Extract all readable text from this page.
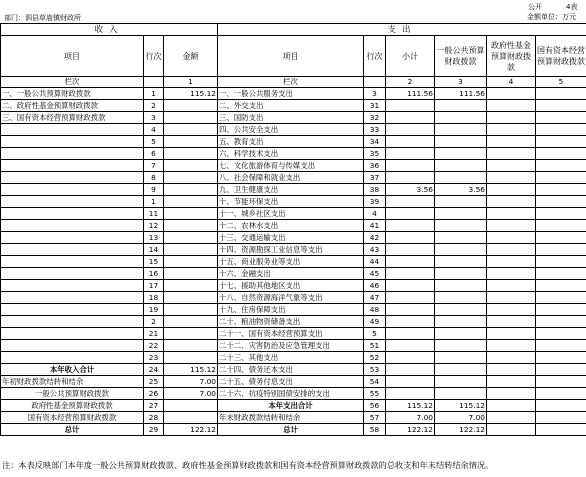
公开	4表
部门：泗县草庙镇财政所	金额单位：万元
收入			支出					
项目	行次	金额	项目	行次	小计	一般公共预算财政拨款	政府性基金预算财政拨款	国有资本经营预算财政拨款
栏次		1	栏次		2	3	4	5
一、一般公共预算财政拨款	1	115.12	一、一般公共服务支出	3	111.56	111.56		
二、政府性基金预算财政拨款	2		二、外交支出	31				
三、国有资本经营预算财政拨款	3		三、国防支出	32				
	4		四、公共安全支出	33				
	5		五、教育支出	34				
	6		六、科学技术支出	35				
	7		七、文化旅游体育与传媒支出	36				
	8		八、社会保障和就业支出	37				
	9		九、卫生健康支出	38	3.56	3.56		
	1		十、节能环保支出	39				
	11		十一、城乡社区支出	4				
	12		十二、农林水支出	41				
	13		十三、交通运输支出	42				
	14		十四、资源勘探工业信息等支出	43				
	15		十五、商业服务业等支出	44				
	16		十六、金融支出	45				
	17		十七、援助其他地区支出	46				
	18		十八、自然资源海洋气象等支出	47				
	19		十九、住房保障支出	48				
	2		二十、粮油物资储备支出	49				
	21		二十一、国有资本经营预算支出	5				
	22		二十二、灾害防治及应急管理支出	51				
	23		二十三、其他支出	52				
本年收入合计	24	115.12	二十四、债务还本支出	53				
年初财政拨款结转和结余	25	7.00	二十五、债务付息支出	54				
一般公共预算财政拨款	26	7.00	二十六、抗疫特别国债安排的支出	55				
政府性基金预算财政拨款	27		本年支出合计	56	115.12	115.12		
国有资本经营预算财政拨款	28		年末财政拨款结转和结余	57	7.00	7.00		
总计	29	122.12	总计	58	122.12	122.12		
注：本表反映部门本年度一般公共预算财政拨款、政府性基金预算财政拨款和国有资本经营预算财政拨款的总收支和年末结转结余情况。
